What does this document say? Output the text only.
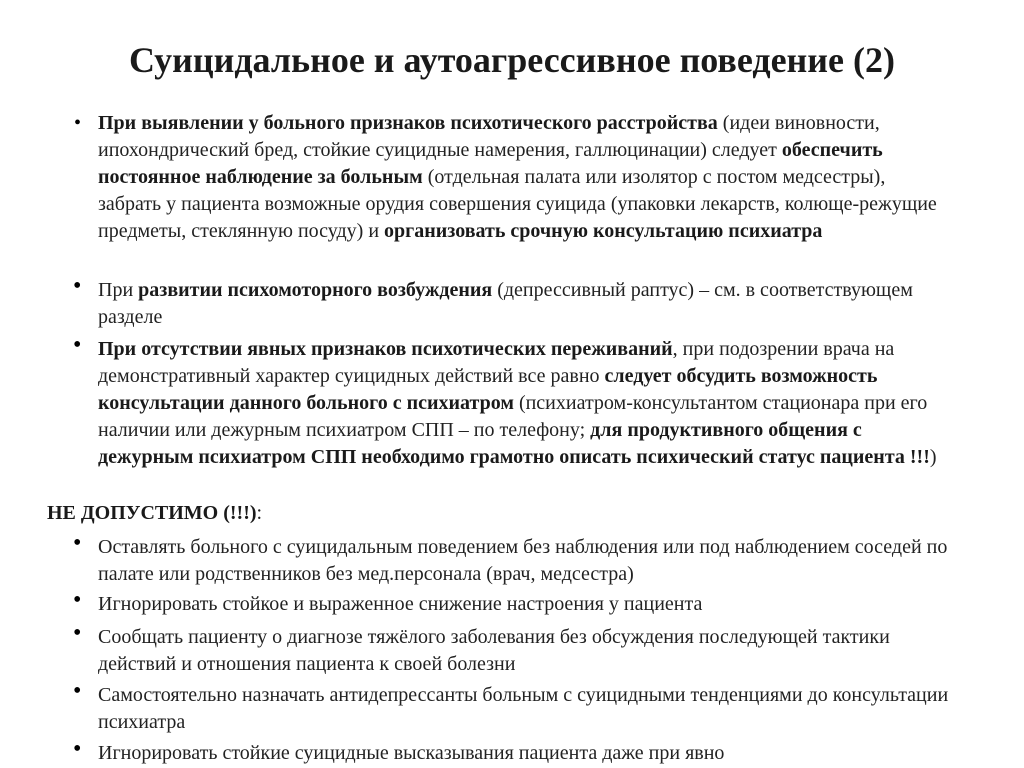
Суицидальное и аутоагрессивное поведение (2)

• При выявлении у больного признаков психотического расстройства (идеи виновности, ипохондрический бред, стойкие суицидные намерения, галлюцинации) следует обеспечить постоянное наблюдение за больным (отдельная палата или изолятор с постом медсестры), забрать у пациента возможные орудия совершения суицида (упаковки лекарств, колюще-режущие предметы, стеклянную посуду) и организовать срочную консультацию психиатра

• При развитии психомоторного возбуждения (депрессивный раптус) – см. в соответствующем разделе

• При отсутствии явных признаков психотических переживаний, при подозрении врача на демонстративный характер суицидных действий все равно следует обсудить возможность консультации данного больного с психиатром (психиатром-консультантом стационара при его наличии или дежурным психиатром СПП – по телефону; для продуктивного общения с дежурным психиатром СПП необходимо грамотно описать психический статус пациента !!!)

НЕ ДОПУСТИМО (!!!):

• Оставлять больного с суицидальным поведением без наблюдения или под наблюдением соседей по палате или родственников без мед.персонала (врач, медсестра)

• Игнорировать стойкое и выраженное снижение настроения у пациента

• Сообщать пациенту о диагнозе тяжёлого заболевания без обсуждения последующей тактики действий и отношения пациента к своей болезни

• Самостоятельно назначать антидепрессанты больным с суицидными тенденциями до консультации психиатра

• Игнорировать стойкие суицидные высказывания пациента даже при явно
